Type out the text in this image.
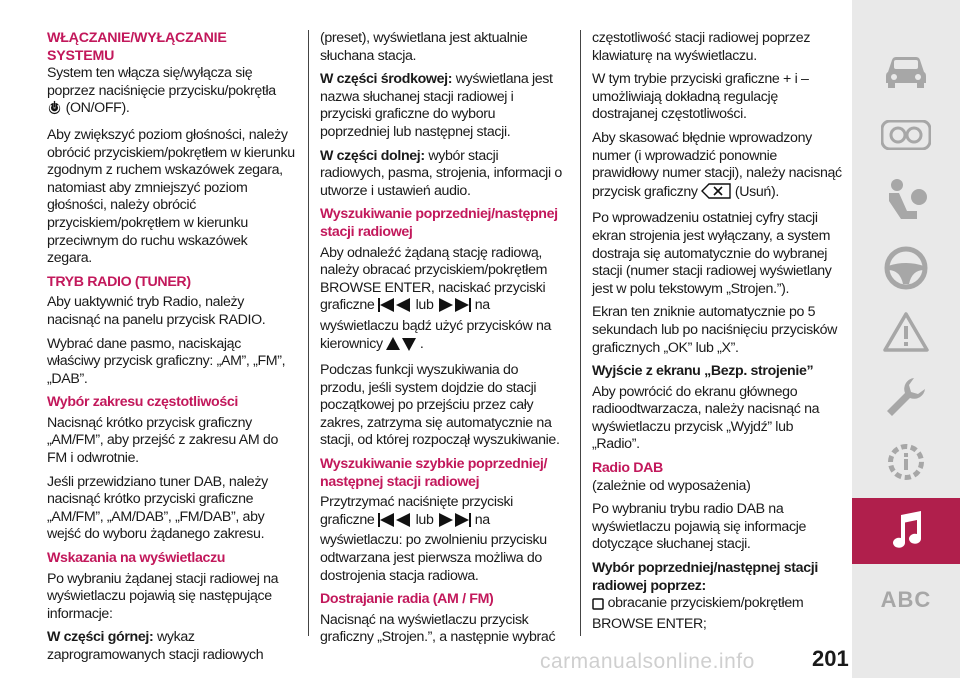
WŁĄCZANIE/WYŁĄCZANIE SYSTEMU

System ten włącza się/wyłącza się poprzez naciśnięcie przycisku/pokrętła
(ON/OFF).

Aby zwiększyć poziom głośności, należy obrócić przyciskiem/pokrętłem w kierunku zgodnym z ruchem wskazówek zegara, natomiast aby zmniejszyć poziom głośności, należy obrócić przyciskiem/pokrętłem w kierunku przeciwnym do ruchu wskazówek zegara.

TRYB RADIO (TUNER)

Aby uaktywnić tryb Radio, należy nacisnąć na panelu przycisk RADIO.

Wybrać dane pasmo, naciskając właściwy przycisk graficzny: „AM”, „FM”, „DAB”.

Wybór zakresu częstotliwości

Nacisnąć krótko przycisk graficzny „AM/FM”, aby przejść z zakresu AM do FM i odwrotnie.

Jeśli przewidziano tuner DAB, należy nacisnąć krótko przyciski graficzne „AM/FM”, „AM/DAB”, „FM/DAB”, aby wejść do wyboru żądanego zakresu.

Wskazania na wyświetlaczu

Po wybraniu żądanej stacji radiowej na wyświetlaczu pojawią się następujące informacje:

W części górnej: wykaz zaprogramowanych stacji radiowych

(preset), wyświetlana jest aktualnie słuchana stacja.

W części środkowej: wyświetlana jest nazwa słuchanej stacji radiowej i przyciski graficzne do wyboru poprzedniej lub następnej stacji.

W części dolnej: wybór stacji radiowych, pasma, strojenia, informacji o utworze i ustawień audio.

Wyszukiwanie poprzedniej/następnej stacji radiowej

Aby odnaleźć żądaną stację radiową, należy obracać przyciskiem/pokrętłem BROWSE ENTER, naciskać przyciski graficzne	lub	na wyświetlaczu bądź użyć przycisków na kierownicy	.

Podczas funkcji wyszukiwania do przodu, jeśli system dojdzie do stacji początkowej po przejściu przez cały zakres, zatrzyma się automatycznie na stacji, od której rozpoczął wyszukiwanie.

Wyszukiwanie szybkie poprzedniej/ następnej stacji radiowej

Przytrzymać naciśnięte przyciski graficzne	lub	na wyświetlaczu: po zwolnieniu przycisku odtwarzana jest pierwsza możliwa do dostrojenia stacja radiowa.

Dostrajanie radia (AM / FM)

Nacisnąć na wyświetlaczu przycisk graficzny „Strojen.”, a następnie wybrać

częstotliwość stacji radiowej poprzez klawiaturę na wyświetlaczu.

W tym trybie przyciski graficzne + i – umożliwiają dokładną regulację dostrajanej częstotliwości.

Aby skasować błędnie wprowadzony numer (i wprowadzić ponownie prawidłowy numer stacji), należy nacisnąć przycisk graficzny	(Usuń).

Po wprowadzeniu ostatniej cyfry stacji ekran strojenia jest wyłączany, a system dostraja się automatycznie do wybranej stacji (numer stacji radiowej wyświetlany jest w polu tekstowym „Strojen.”).

Ekran ten zniknie automatycznie po 5 sekundach lub po naciśnięciu przycisków graficznych „OK” lub „X”.

Wyjście z ekranu „Bezp. strojenie”

Aby powrócić do ekranu głównego radioodtwarzacza, należy nacisnąć na wyświetlaczu przycisk „Wyjdź” lub „Radio”.

Radio DAB

(zależnie od wyposażenia)

Po wybraniu trybu radio DAB na wyświetlaczu pojawią się informacje dotyczące słuchanej stacji.

Wybór poprzedniej/następnej stacji radiowej poprzez:

obracanie przyciskiem/pokrętłem BROWSE ENTER;

ABC
carmanualsonline.info	201
